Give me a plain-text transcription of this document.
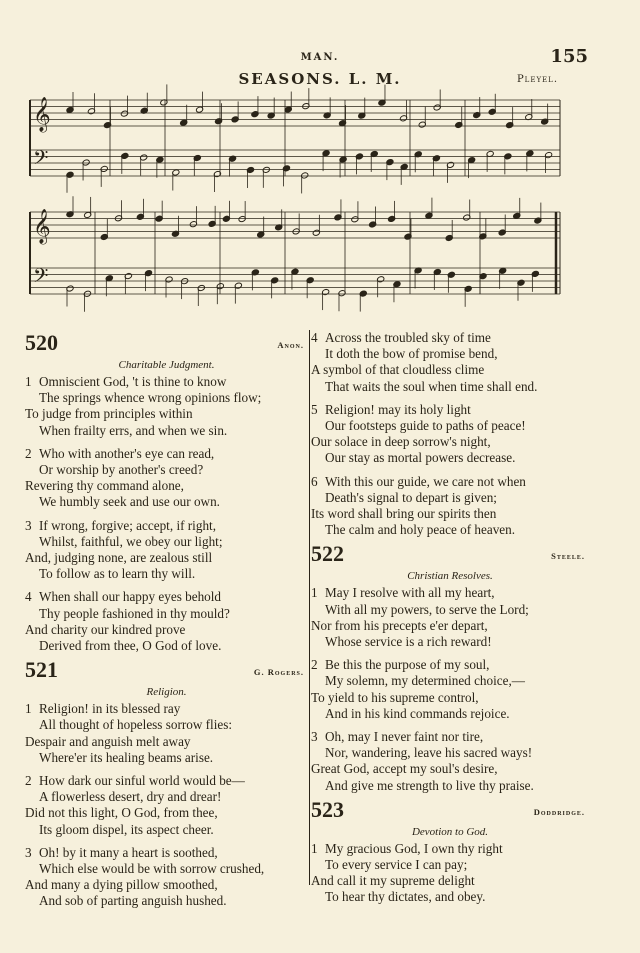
MAN.	155
SEASONS. L. M.	Pleyel.
𝄞
𝄢
𝄞
𝄢
520	Anon.
Charitable Judgment.
1 Omniscient God, 't is thine to know
The springs whence wrong opinions flow;
To judge from principles within
When frailty errs, and when we sin.
2 Who with another's eye can read,
Or worship by another's creed?
Revering thy command alone,
We humbly seek and use our own.
3 If wrong, forgive; accept, if right,
Whilst, faithful, we obey our light;
And, judging none, are zealous still
To follow as to learn thy will.
4 When shall our happy eyes behold
Thy people fashioned in thy mould?
And charity our kindred prove
Derived from thee, O God of love.
521	G. Rogers.
Religion.
1 Religion! in its blessed ray
All thought of hopeless sorrow flies:
Despair and anguish melt away
Where'er its healing beams arise.
2 How dark our sinful world would be—
A flowerless desert, dry and drear!
Did not this light, O God, from thee,
Its gloom dispel, its aspect cheer.
3 Oh! by it many a heart is soothed,
Which else would be with sorrow crushed,
And many a dying pillow smoothed,
And sob of parting anguish hushed.
4 Across the troubled sky of time
It doth the bow of promise bend,
A symbol of that cloudless clime
That waits the soul when time shall end.
5 Religion! may its holy light
Our footsteps guide to paths of peace!
Our solace in deep sorrow's night,
Our stay as mortal powers decrease.
6 With this our guide, we care not when
Death's signal to depart is given;
Its word shall bring our spirits then
The calm and holy peace of heaven.
522	Steele.
Christian Resolves.
1 May I resolve with all my heart,
With all my powers, to serve the Lord;
Nor from his precepts e'er depart,
Whose service is a rich reward!
2 Be this the purpose of my soul,
My solemn, my determined choice,—
To yield to his supreme control,
And in his kind commands rejoice.
3 Oh, may I never faint nor tire,
Nor, wandering, leave his sacred ways!
Great God, accept my soul's desire,
And give me strength to live thy praise.
523	Doddridge.
Devotion to God.
1 My gracious God, I own thy right
To every service I can pay;
And call it my supreme delight
To hear thy dictates, and obey.
